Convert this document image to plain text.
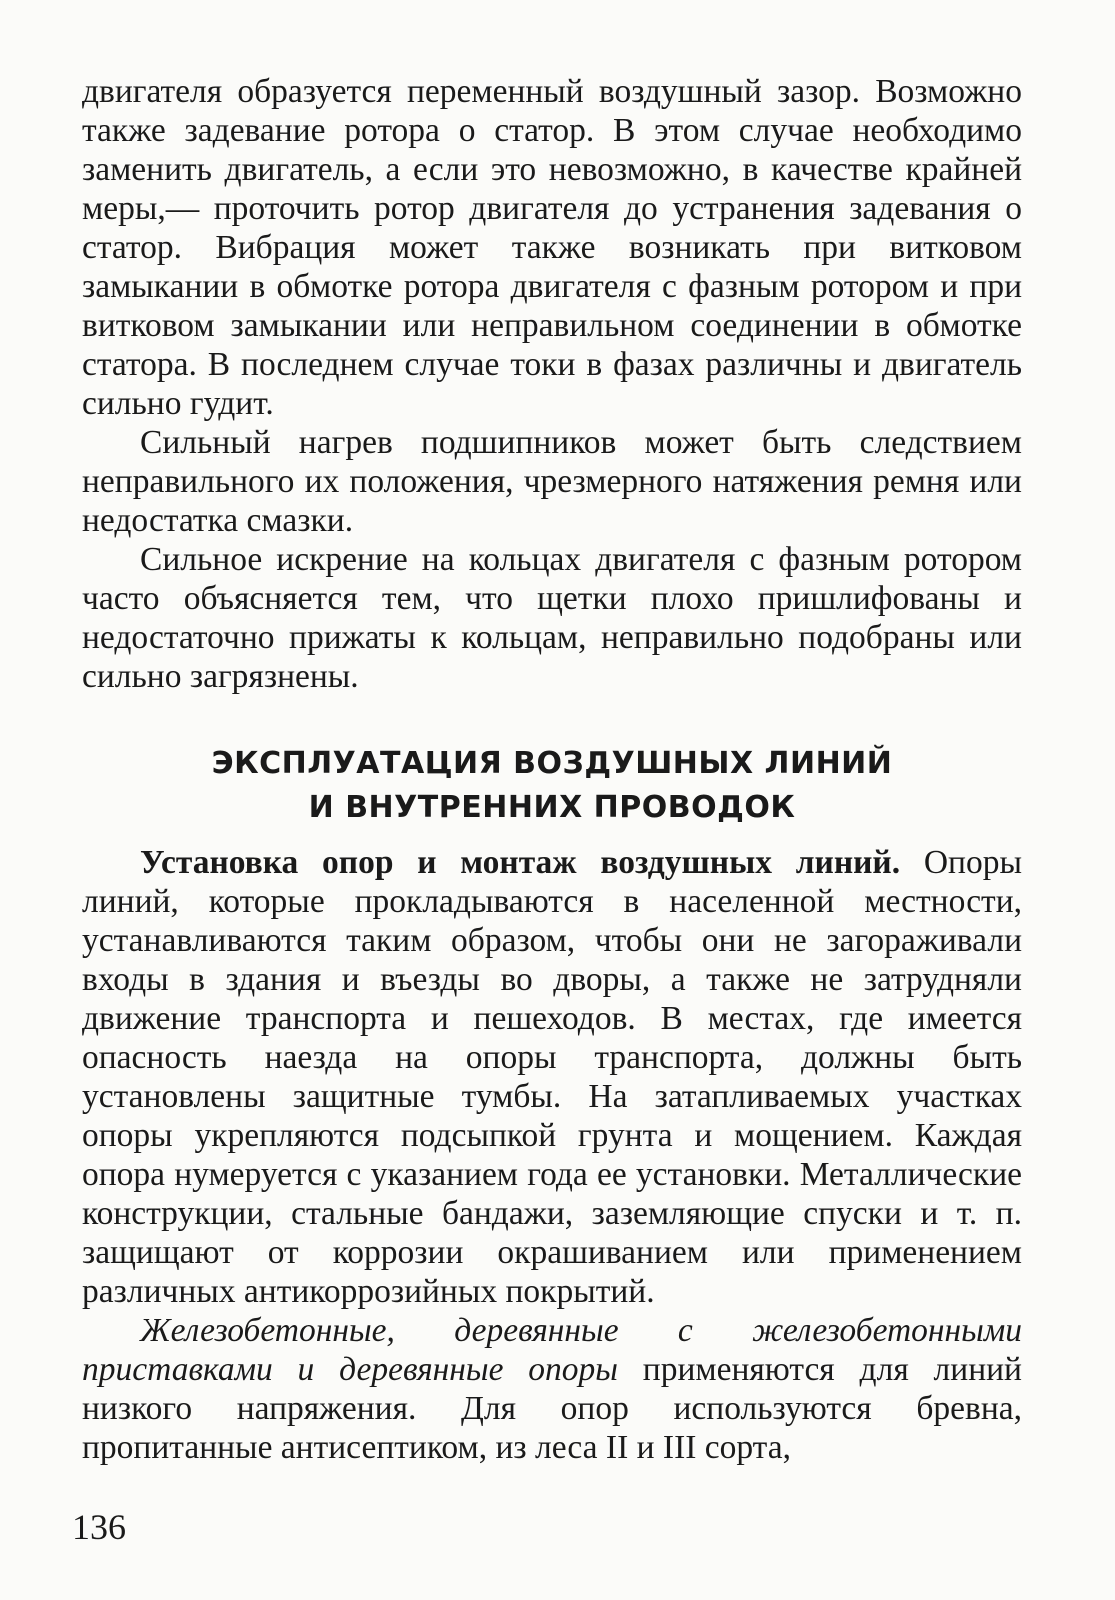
двигателя образуется переменный воздушный зазор. Возможно также задевание ротора о статор. В этом случае необходимо заменить двигатель, а если это невозможно, в качестве крайней меры,— проточить ротор двигателя до устранения задевания о статор. Вибрация может также возникать при витковом замыкании в обмотке ротора двигателя с фазным ротором и при витковом замыкании или неправильном соединении в обмотке статора. В последнем случае токи в фазах различны и двигатель сильно гудит.

Сильный нагрев подшипников может быть следствием неправильного их положения, чрезмерного натяжения ремня или недостатка смазки.

Сильное искрение на кольцах двигателя с фазным ротором часто объясняется тем, что щетки плохо пришлифованы и недостаточно прижаты к кольцам, неправильно подобраны или сильно загрязнены.

ЭКСПЛУАТАЦИЯ ВОЗДУШНЫХ ЛИНИЙ
И ВНУТРЕННИХ ПРОВОДОК

Установка опор и монтаж воздушных линий. Опоры линий, которые прокладываются в населенной местности, устанавливаются таким образом, чтобы они не загораживали входы в здания и въезды во дворы, а также не затрудняли движение транспорта и пешеходов. В местах, где имеется опасность наезда на опоры транспорта, должны быть установлены защитные тумбы. На затапливаемых участках опоры укрепляются подсыпкой грунта и мощением. Каждая опора нумеруется с указанием года ее установки. Металлические конструкции, стальные бандажи, заземляющие спуски и т. п. защищают от коррозии окрашиванием или применением различных антикоррозийных покрытий.

Железобетонные, деревянные с железобетонными приставками и деревянные опоры применяются для линий низкого напряжения. Для опор используются бревна, пропитанные антисептиком, из леса II и III сорта,

136
